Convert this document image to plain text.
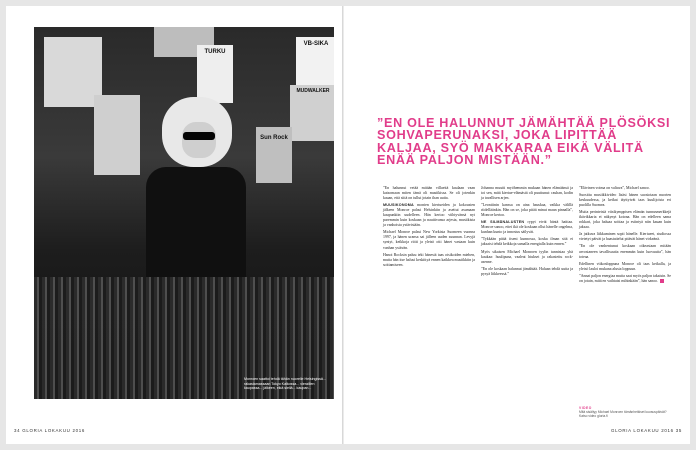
VB-SIKA
MUDWALKER
TURKU
Sun Rock
Monroen saattoi tehdä tähän nuorelle Helsingissä... rakastamassaan Tokyo Kalkossa... vieraillen kaupassa... jälkeen, eikä siellä... kaupan...
”EN OLE HALUNNUT JÄMÄHTÄÄ PLÖSÖKSI SOHVAPERUNAKSI, JOKA LIPITTÄÄ KALJAA, SYÖ MAKKARAA EIKÄ VÄLITÄ ENÄÄ PALJON MISTÄÄN.”

”En halunnut vetää mitään villaeitä kaulaan vaan katsomaan miten tämä oli musiikissa. Se oli jotenkin kauan, että siitä on tullut jotain ihan uutta.

MUUSIKONOMA monien kiertueiden ja kokousten jälkeen Monroe palasi Helsinkiin ja asettui asumaan kaupunkiin uudelleen. Hän kertoo viihtyvänsä nyt paremmin kuin koskaan ja nauttivansa arjesta, musiikista ja vanhoista ystävistään.

Michael Monroe palasi New Yorkista Suomeen vuonna 1997, ja hänen uransa sai jälleen uuden suunnan. Levyjä syntyi, keikkoja riitti ja yleisö otti hänet vastaan kuin vanhan ystävän.

Hanoi Rocksin paluu teki hänestä taas otsikoiden miehen, mutta hän itse halusi keskittyä ennen kaikkea musiikkiin ja soittamiseen.

Johanna muutti myöhemmin mukaan hänen elämäänsä ja toi sen, mitä kiertue-elämästä oli puuttunut: rauhan, kodin ja tavallisen arjen.

”Leontiinin kanssa on aina hauskaa, vaikka välillä riidelläänkin. Hän on se, joka pitää minut maan pinnalla”, Monroe kertoo.

NE SILMÄNALUSTEN rypyt eivät häntä haittaa. Monroe sanoo, ettei ikä ole koskaan ollut hänelle ongelma, kunhan kunto ja innostus säilyvät.

”Tykkään pitää itseni kunnossa, koska ilman sitä ei jaksaisi tehdä keikkoja samalla energialla kuin ennen.”

Myös sikaisen Michael Monroen tyylin tunnistaa yhä kaukaa: huulipuna, vaaleat hiukset ja rakastettu rock-asenne.

”En ole koskaan halunnut jämähtää. Haluan tehdä uutta ja pysyä liikkeessä.”

”Elävinen voima on valtava”, Michael sanoo.

Suosittu musiikkivideo lisäsi hänen suosiotaan nuorten keskuudessa, ja keikat täyttyivät taas kuulijoista eri puolilla Suomea.

Muita perinteisiä viisikymppisen elämän tunnusmerkkejä ikävikkaria ei näkynyt kotona. Hän on edelleen sama rokkari, joka haluaa soittaa ja esiintyä niin kauan kuin jaksaa.

Ja jatkuva liikkuminen sopii hänelle. Kiertueet, studiossa vietetyt päivät ja haastattelut pitävät hänet virkeänä.

”En ole vanhentunut koskaan oikeastaan mitään arvostaneen tavallisuutta enemmän kuin luovuutta”, hän toteaa.

Edellinen viikonloppuna Monroe oli taas keikalla, ja yleisö lauloi mukana alusta loppuun.

”Annat paljon energiaa mutta saat myös paljon takaisin. Se on jotain, mitä en vaihtaisi mihinkään”, hän sanoo.

VIDEO
Mitä sisältyy Michael Monroen tämänhetkiset kuvauspäivät? Katso video gloria.fi
34 GLORIA LOKAKUU 2016	GLORIA LOKAKUU 2016 35
